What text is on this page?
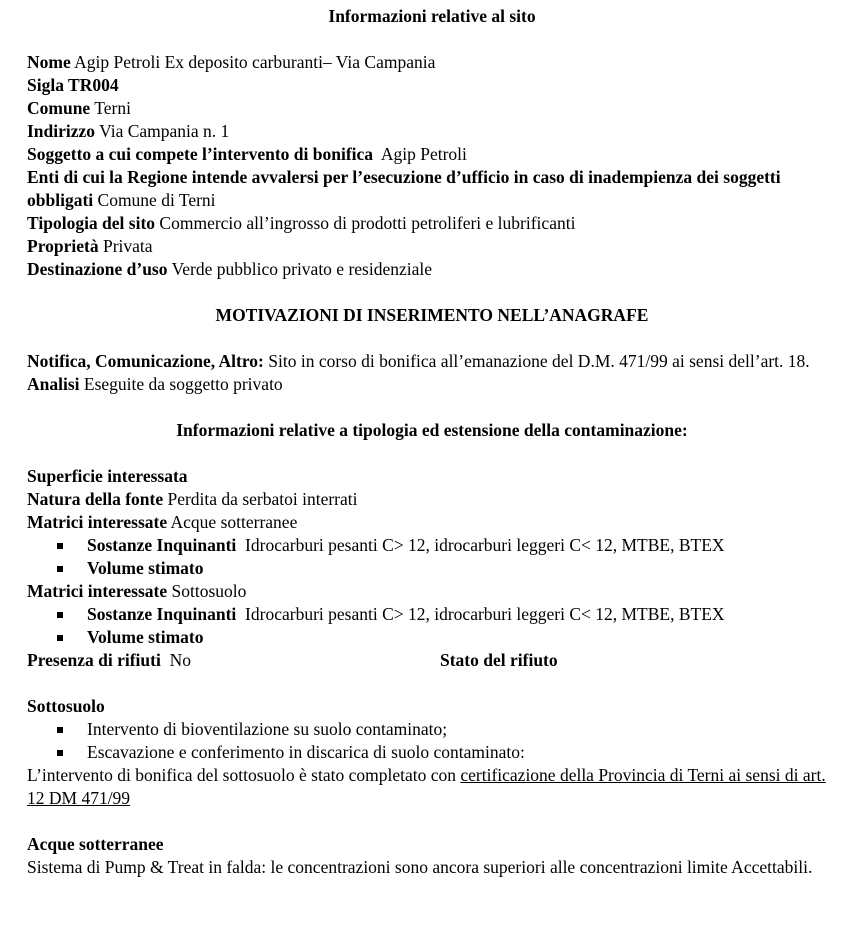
Informazioni relative al sito
Nome Agip Petroli Ex deposito carburanti– Via Campania
Sigla TR004
Comune Terni
Indirizzo Via Campania n. 1
Soggetto a cui compete l’intervento di bonifica Agip Petroli
Enti di cui la Regione intende avvalersi per l’esecuzione d’ufficio in caso di inadempienza dei soggetti obbligati Comune di Terni
Tipologia del sito Commercio all’ingrosso di prodotti petroliferi e lubrificanti
Proprietà Privata
Destinazione d’uso Verde pubblico privato e residenziale
MOTIVAZIONI DI INSERIMENTO NELL’ANAGRAFE
Notifica, Comunicazione, Altro: Sito in corso di bonifica all’emanazione del D.M. 471/99 ai sensi dell’art. 18.
Analisi Eseguite da soggetto privato
Informazioni relative a tipologia ed estensione della contaminazione:
Superficie interessata
Natura della fonte Perdita da serbatoi interrati
Matrici interessate Acque sotterranee
Sostanze Inquinanti Idrocarburi pesanti C> 12, idrocarburi leggeri C< 12, MTBE, BTEX
Volume stimato
Matrici interessate Sottosuolo
Sostanze Inquinanti Idrocarburi pesanti C> 12, idrocarburi leggeri C< 12, MTBE, BTEX
Volume stimato
Presenza di rifiuti No	Stato del rifiuto
Sottosuolo
Intervento di bioventilazione su suolo contaminato;
Escavazione e conferimento in discarica di suolo contaminato:
L’intervento di bonifica del sottosuolo è stato completato con certificazione della Provincia di Terni ai sensi di art. 12 DM 471/99
Acque sotterranee
Sistema di Pump & Treat in falda: le concentrazioni sono ancora superiori alle concentrazioni limite Accettabili.
